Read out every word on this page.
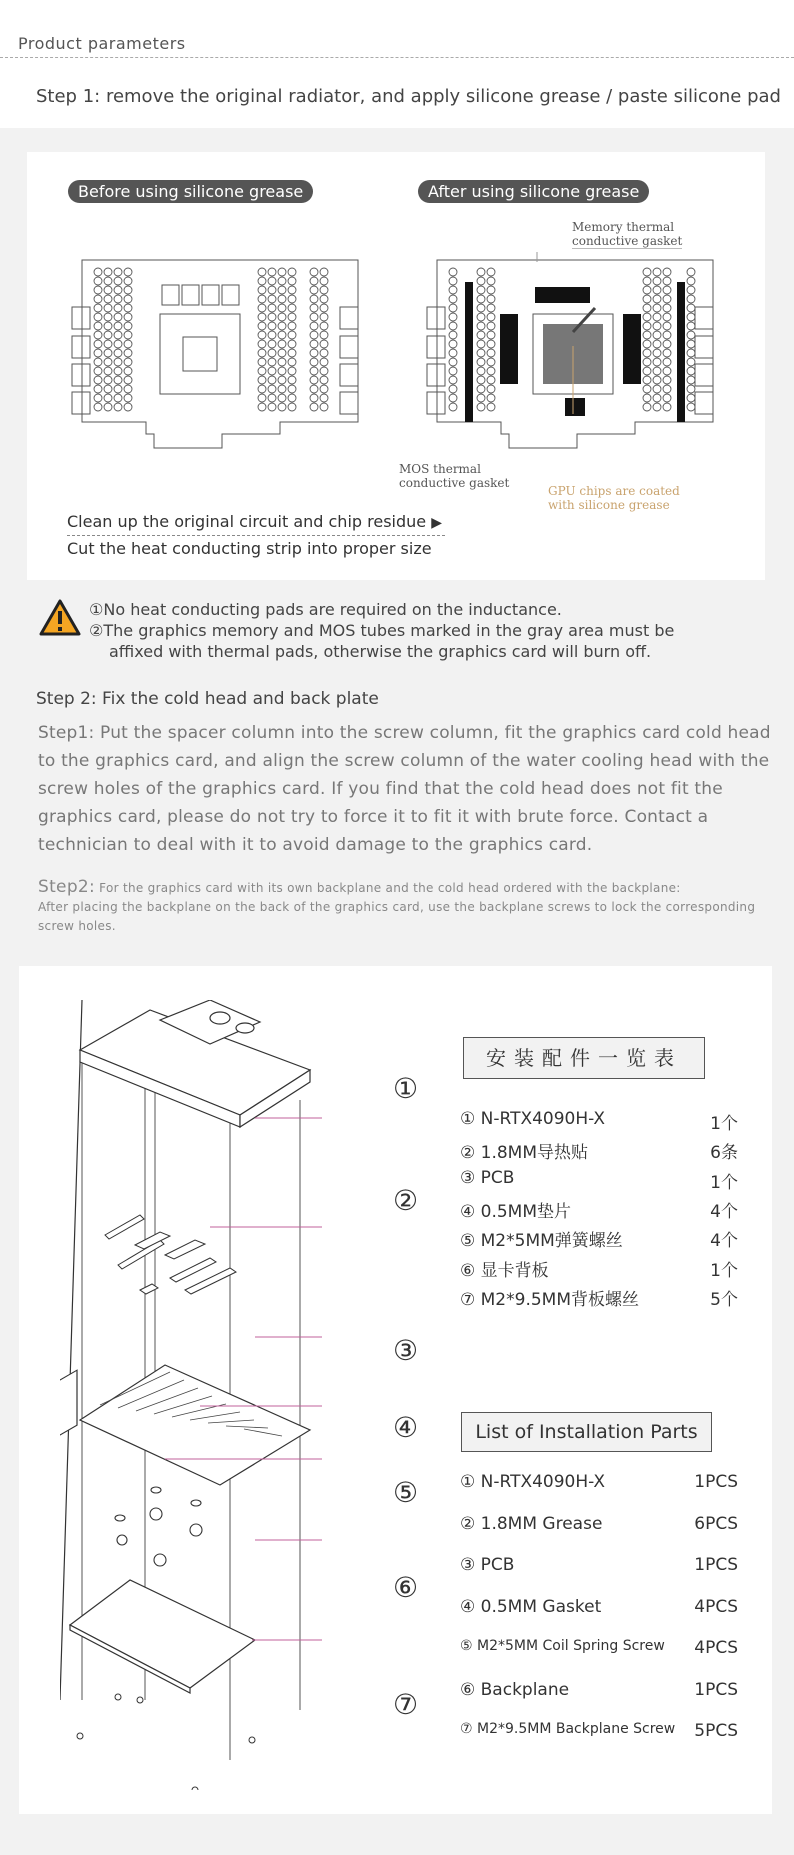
Product parameters
Step 1: remove the original radiator, and apply silicone grease / paste silicone pad
Before using silicone grease	After using silicone grease
Memory thermal
conductive gasket
MOS thermal
conductive gasket
GPU chips are coated
with silicone grease
Clean up the original circuit and chip residue ▶
Cut the heat conducting strip into proper size
①No heat conducting pads are required on the inductance.
②The graphics memory and MOS tubes marked in the gray area must be
affixed with thermal pads, otherwise the graphics card will burn off.
Step 2: Fix the cold head and back plate
Step1: Put the spacer column into the screw column, fit the graphics card cold head to the graphics card, and align the screw column of the water cooling head with the screw holes of the graphics card. If you find that the cold head does not fit the graphics card, please do not try to force it to fit it with brute force. Contact a technician to deal with it to avoid damage to the graphics card.
Step2: For the graphics card with its own backplane and the cold head ordered with the backplane:
After placing the backplane on the back of the graphics card, use the backplane screws to lock the corresponding screw holes.
①
②
③
④
⑤
⑥
⑦
安装配件一览表
① N-RTX4090H-X	1个
② 1.8MM导热贴	6条
③ PCB	1个
④ 0.5MM垫片	4个
⑤ M2*5MM弹簧螺丝	4个
⑥ 显卡背板	1个
⑦ M2*9.5MM背板螺丝	5个
List of Installation Parts
① N-RTX4090H-X	1PCS
② 1.8MM Grease	6PCS
③ PCB	1PCS
④ 0.5MM Gasket	4PCS
⑤ M2*5MM Coil Spring Screw 4PCS
⑥ Backplane	1PCS
⑦ M2*9.5MM Backplane Screw 5PCS
